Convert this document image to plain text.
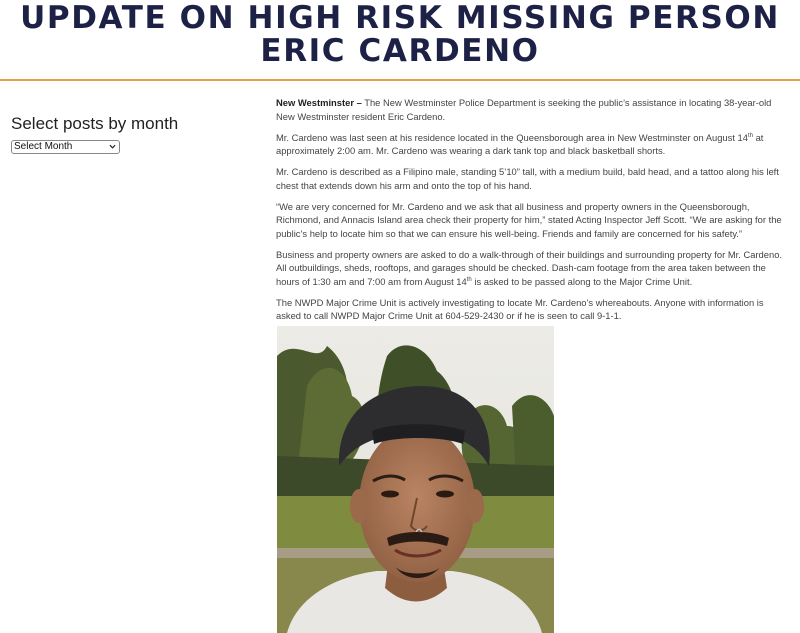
UPDATE ON HIGH RISK MISSING PERSON
ERIC CARDENO
Select posts by month
Select Month

New Westminster – The New Westminster Police Department is seeking the public’s assistance in locating 38-year-old New Westminster resident Eric Cardeno.

Mr. Cardeno was last seen at his residence located in the Queensborough area in New Westminster on August 14th at approximately 2:00 am. Mr. Cardeno was wearing a dark tank top and black basketball shorts.

Mr. Cardeno is described as a Filipino male, standing 5’10” tall, with a medium build, bald head, and a tattoo along his left chest that extends down his arm and onto the top of his hand.

“We are very concerned for Mr. Cardeno and we ask that all business and property owners in the Queensborough, Richmond, and Annacis Island area check their property for him,” stated Acting Inspector Jeff Scott. “We are asking for the public’s help to locate him so that we can ensure his well-being. Friends and family are concerned for his safety.”

Business and property owners are asked to do a walk-through of their buildings and surrounding property for Mr. Cardeno. All outbuildings, sheds, rooftops, and garages should be checked. Dash-cam footage from the area taken between the hours of 1:30 am and 7:00 am from August 14th is asked to be passed along to the Major Crime Unit.

The NWPD Major Crime Unit is actively investigating to locate Mr. Cardeno’s whereabouts. Anyone with information is asked to call NWPD Major Crime Unit at 604-529-2430 or if he is seen to call 9-1-1.
